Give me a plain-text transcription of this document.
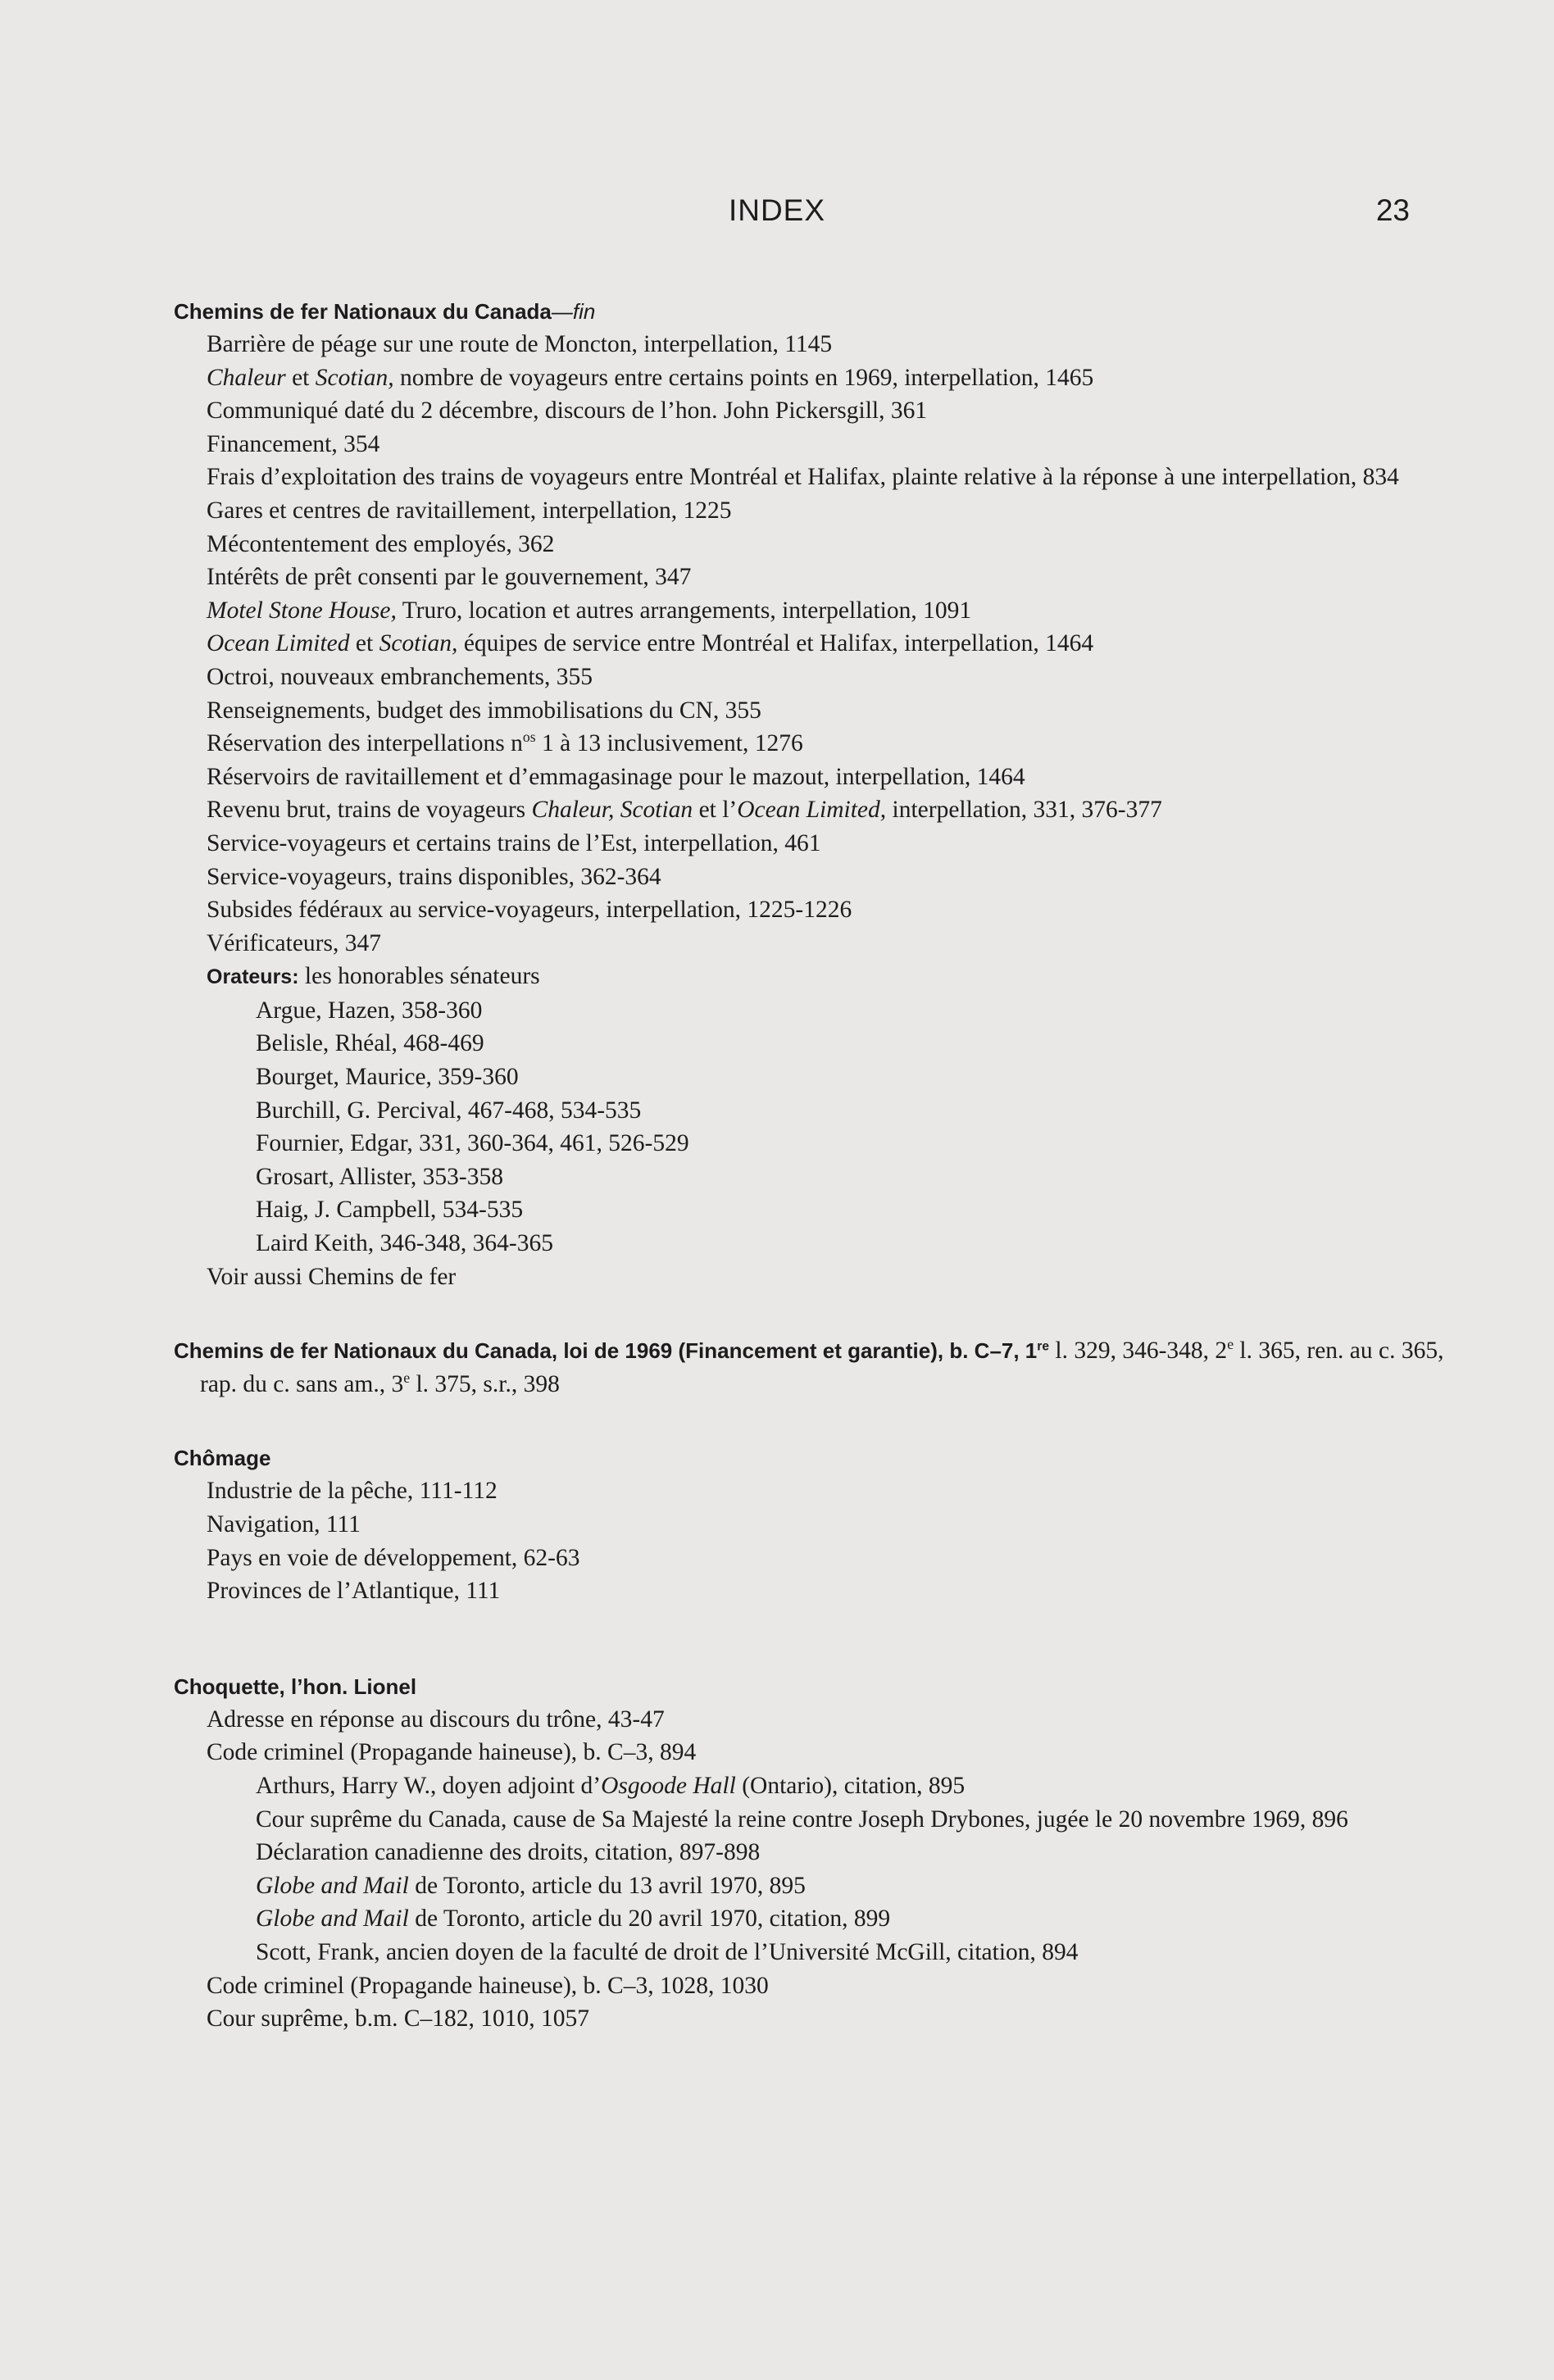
INDEX	23

Chemins de fer Nationaux du Canada—fin

Barrière de péage sur une route de Moncton, interpellation, 1145

Chaleur et Scotian, nombre de voyageurs entre certains points en 1969, interpellation, 1465

Communiqué daté du 2 décembre, discours de l’hon. John Pickersgill, 361

Financement, 354

Frais d’exploitation des trains de voyageurs entre Montréal et Halifax, plainte relative à la réponse à une interpellation, 834

Gares et centres de ravitaillement, interpellation, 1225

Mécontentement des employés, 362

Intérêts de prêt consenti par le gouvernement, 347

Motel Stone House, Truro, location et autres arrangements, interpellation, 1091

Ocean Limited et Scotian, équipes de service entre Montréal et Halifax, interpellation, 1464

Octroi, nouveaux embranchements, 355

Renseignements, budget des immobilisations du CN, 355

Réservation des interpellations $n^{os}$ 1 à 13 inclusivement, 1276

Réservoirs de ravitaillement et d’emmagasinage pour le mazout, interpellation, 1464

Revenu brut, trains de voyageurs Chaleur, Scotian et l’Ocean Limited, interpellation, 331, 376-377

Service-voyageurs et certains trains de l’Est, interpellation, 461

Service-voyageurs, trains disponibles, 362-364

Subsides fédéraux au service-voyageurs, interpellation, 1225-1226

Vérificateurs, 347

Orateurs: les honorables sénateurs

Argue, Hazen, 358-360

Belisle, Rhéal, 468-469

Bourget, Maurice, 359-360

Burchill, G. Percival, 467-468, 534-535

Fournier, Edgar, 331, 360-364, 461, 526-529

Grosart, Allister, 353-358

Haig, J. Campbell, 534-535

Laird Keith, 346-348, 364-365

Voir aussi Chemins de fer

Chemins de fer Nationaux du Canada, loi de 1969 (Financement et garantie), b. C–7, 1re l. 329, 346-348, 2e l. 365, ren. au c. 365, rap. du c. sans am., 3e l. 375, s.r., 398

Chômage

Industrie de la pêche, 111-112

Navigation, 111

Pays en voie de développement, 62-63

Provinces de l’Atlantique, 111

Choquette, l’hon. Lionel

Adresse en réponse au discours du trône, 43-47

Code criminel (Propagande haineuse), b. C–3, 894

Arthurs, Harry W., doyen adjoint d’Osgoode Hall (Ontario), citation, 895

Cour suprême du Canada, cause de Sa Majesté la reine contre Joseph Drybones, jugée le 20 novembre 1969, 896

Déclaration canadienne des droits, citation, 897-898

Globe and Mail de Toronto, article du 13 avril 1970, 895

Globe and Mail de Toronto, article du 20 avril 1970, citation, 899

Scott, Frank, ancien doyen de la faculté de droit de l’Université McGill, citation, 894

Code criminel (Propagande haineuse), b. C–3, 1028, 1030

Cour suprême, b.m. C–182, 1010, 1057
